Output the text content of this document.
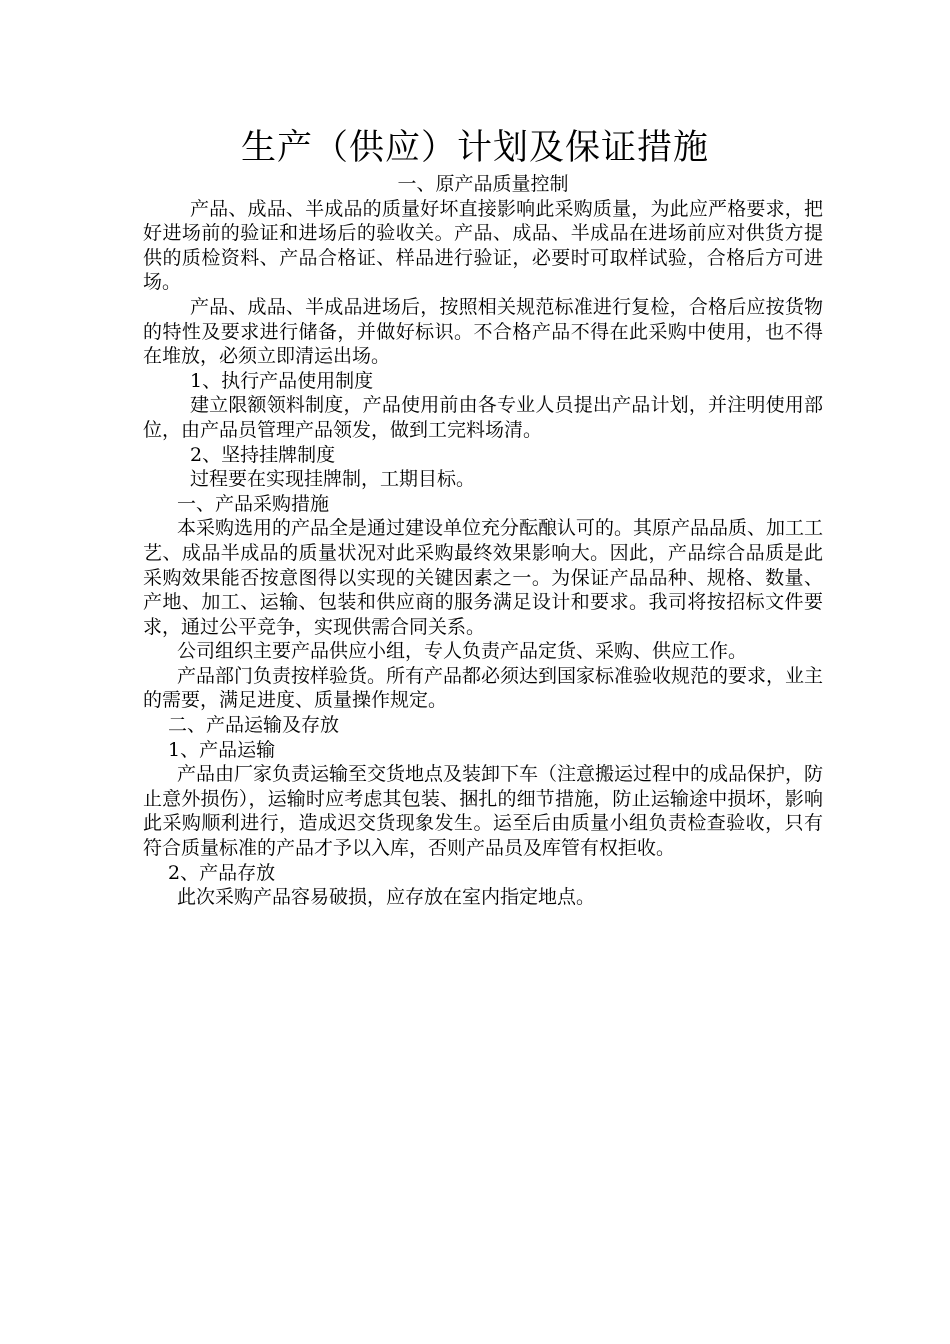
生产（供应）计划及保证措施

一、原产品质量控制

产品、成品、半成品的质量好坏直接影响此采购质量，为此应严格要求，把好进场前的验证和进场后的验收关。产品、成品、半成品在进场前应对供货方提供的质检资料、产品合格证、样品进行验证，必要时可取样试验，合格后方可进场。

产品、成品、半成品进场后，按照相关规范标准进行复检，合格后应按货物的特性及要求进行储备，并做好标识。不合格产品不得在此采购中使用，也不得在堆放，必须立即清运出场。

1、执行产品使用制度

建立限额领料制度，产品使用前由各专业人员提出产品计划，并注明使用部位，由产品员管理产品领发，做到工完料场清。

2、坚持挂牌制度

过程要在实现挂牌制，工期目标。

一、产品采购措施

本采购选用的产品全是通过建设单位充分酝酿认可的。其原产品品质、加工工艺、成品半成品的质量状况对此采购最终效果影响大。因此，产品综合品质是此采购效果能否按意图得以实现的关键因素之一。为保证产品品种、规格、数量、产地、加工、运输、包装和供应商的服务满足设计和要求。我司将按招标文件要求，通过公平竞争，实现供需合同关系。

公司组织主要产品供应小组，专人负责产品定货、采购、供应工作。

产品部门负责按样验货。所有产品都必须达到国家标准验收规范的要求，业主的需要，满足进度、质量操作规定。

二、产品运输及存放

1、产品运输

产品由厂家负责运输至交货地点及装卸下车（注意搬运过程中的成品保护，防止意外损伤），运输时应考虑其包装、捆扎的细节措施，防止运输途中损坏，影响此采购顺利进行，造成迟交货现象发生。运至后由质量小组负责检查验收，只有符合质量标准的产品才予以入库，否则产品员及库管有权拒收。

2、产品存放

此次采购产品容易破损，应存放在室内指定地点。
